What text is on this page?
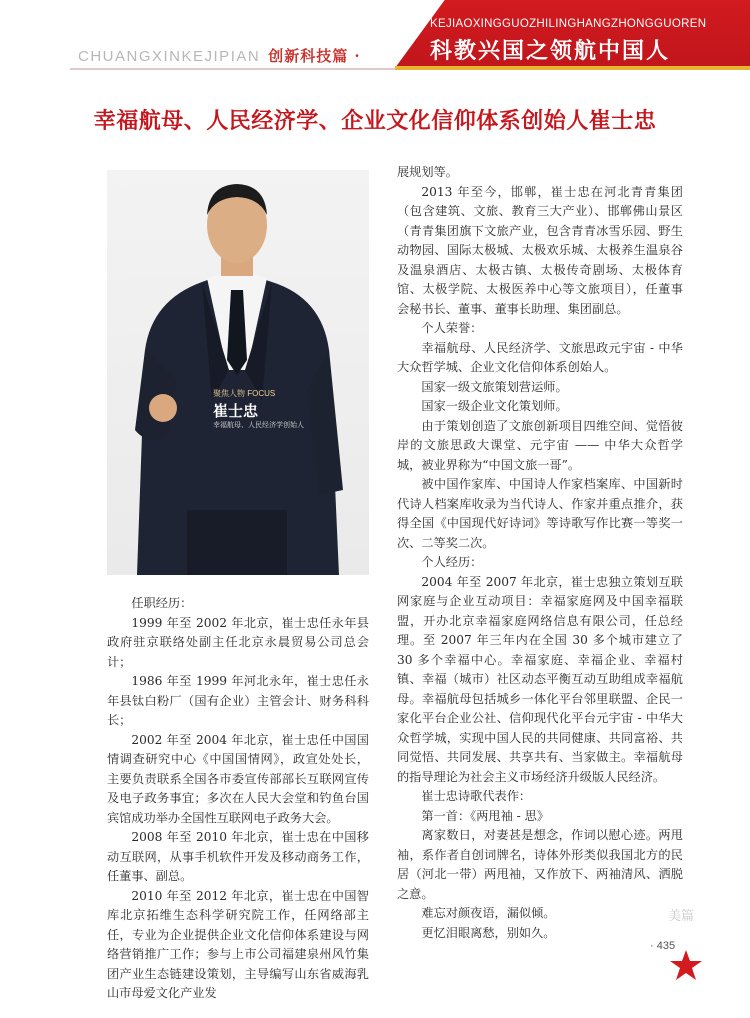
CHUANGXINKEJIPIAN 创新科技篇 ·
KEJIAOXINGGUOZHILINGHANGZHONGGUOREN
科教兴国之领航中国人
幸福航母、人民经济学、企业文化信仰体系创始人崔士忠
聚焦人物 FOCUS
崔士忠
幸福航母、人民经济学创始人

任职经历：

1999 年至 2002 年北京，崔士忠任永年县政府驻京联络处副主任北京永晨贸易公司总会计；

1986 年至 1999 年河北永年，崔士忠任永年县钛白粉厂（国有企业）主管会计、财务科科长；

2002 年至 2004 年北京，崔士忠任中国国情调查研究中心《中国国情网》，政宣处处长，主要负责联系全国各市委宣传部部长互联网宣传及电子政务事宜；多次在人民大会堂和钓鱼台国宾馆成功举办全国性互联网电子政务大会。

2008 年至 2010 年北京，崔士忠在中国移动互联网，从事手机软件开发及移动商务工作，任董事、副总。

2010 年至 2012 年北京，崔士忠在中国智库北京拓维生态科学研究院工作，任网络部主任，专业为企业提供企业文化信仰体系建设与网络营销推广工作；参与上市公司福建泉州风竹集团产业生态链建设策划，主导编写山东省威海乳山市母爱文化产业发

展规划等。

2013 年至今，邯郸，崔士忠在河北青青集团（包含建筑、文旅、教育三大产业）、邯郸佛山景区（青青集团旗下文旅产业，包含青青冰雪乐园、野生动物园、国际太极城、太极欢乐城、太极养生温泉谷及温泉酒店、太极古镇、太极传奇剧场、太极体育馆、太极学院、太极医养中心等文旅项目），任董事会秘书长、董事、董事长助理、集团副总。

个人荣誉：

幸福航母、人民经济学、文旅思政元宇宙 - 中华大众哲学城、企业文化信仰体系创始人。

国家一级文旅策划营运师。

国家一级企业文化策划师。

由于策划创造了文旅创新项目四维空间、觉悟彼岸的文旅思政大课堂、元宇宙 —— 中华大众哲学城，被业界称为“中国文旅一哥”。

被中国作家库、中国诗人作家档案库、中国新时代诗人档案库收录为当代诗人、作家并重点推介，获得全国《中国现代好诗词》等诗歌写作比赛一等奖一次、二等奖二次。

个人经历：

2004 年至 2007 年北京，崔士忠独立策划互联网家庭与企业互动项目：幸福家庭网及中国幸福联盟，开办北京幸福家庭网络信息有限公司，任总经理。至 2007 年三年内在全国 30 多个城市建立了 30 多个幸福中心。幸福家庭、幸福企业、幸福村镇、幸福（城市）社区动态平衡互动互助组成幸福航母。幸福航母包括城乡一体化平台邻里联盟、企民一家化平台企业公社、信仰现代化平台元宇宙 - 中华大众哲学城，实现中国人民的共同健康、共同富裕、共同觉悟、共同发展、共享共有、当家做主。幸福航母的指导理论为社会主义市场经济升级版人民经济。

崔士忠诗歌代表作：

第一首：《两甩袖 - 思》

离家数日，对妻甚是想念，作词以慰心迹。两甩袖，系作者自创词牌名，诗体外形类似我国北方的民居（河北一带）两甩袖，又作放下、两袖清风、洒脱之意。

难忘对颜夜语，漏似倾。

更忆泪眼离愁，别如久。

美篇
· 435
